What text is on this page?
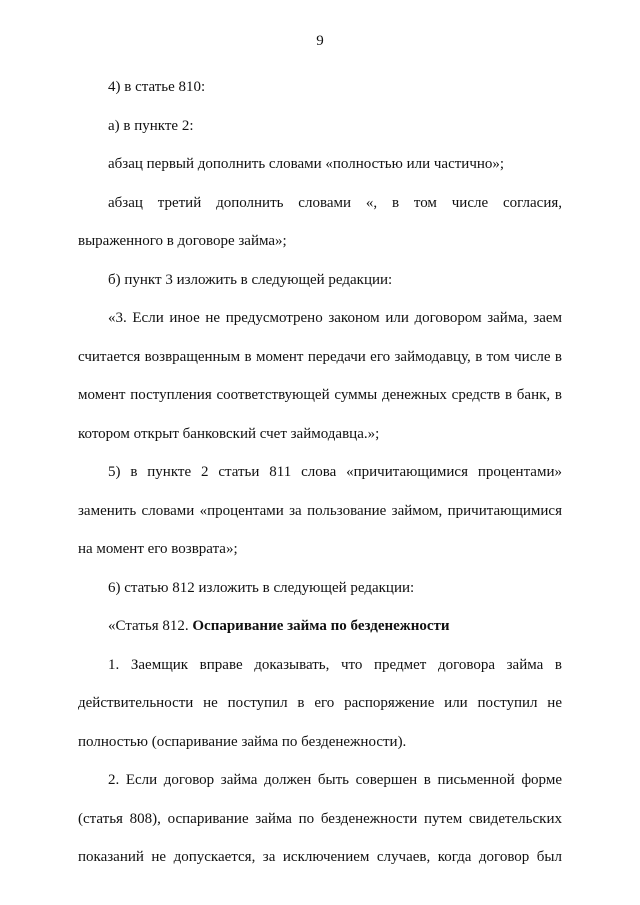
9

4) в статье 810:

а) в пункте 2:

абзац первый дополнить словами «полностью или частично»;

абзац третий дополнить словами «, в том числе согласия, выраженного в договоре займа»;

б) пункт 3 изложить в следующей редакции:

«3. Если иное не предусмотрено законом или договором займа, заем считается возвращенным в момент передачи его займодавцу, в том числе в момент поступления соответствующей суммы денежных средств в банк, в котором открыт банковский счет займодавца.»;

5) в пункте 2 статьи 811 слова «причитающимися процентами» заменить словами «процентами за пользование займом, причитающимися на момент его возврата»;

6) статью 812 изложить в следующей редакции:

«Статья 812. Оспаривание займа по безденежности

1. Заемщик вправе доказывать, что предмет договора займа в действительности не поступил в его распоряжение или поступил не полностью (оспаривание займа по безденежности).

2. Если договор займа должен быть совершен в письменной форме (статья 808), оспаривание займа по безденежности путем свидетельских показаний не допускается, за исключением случаев, когда договор был
